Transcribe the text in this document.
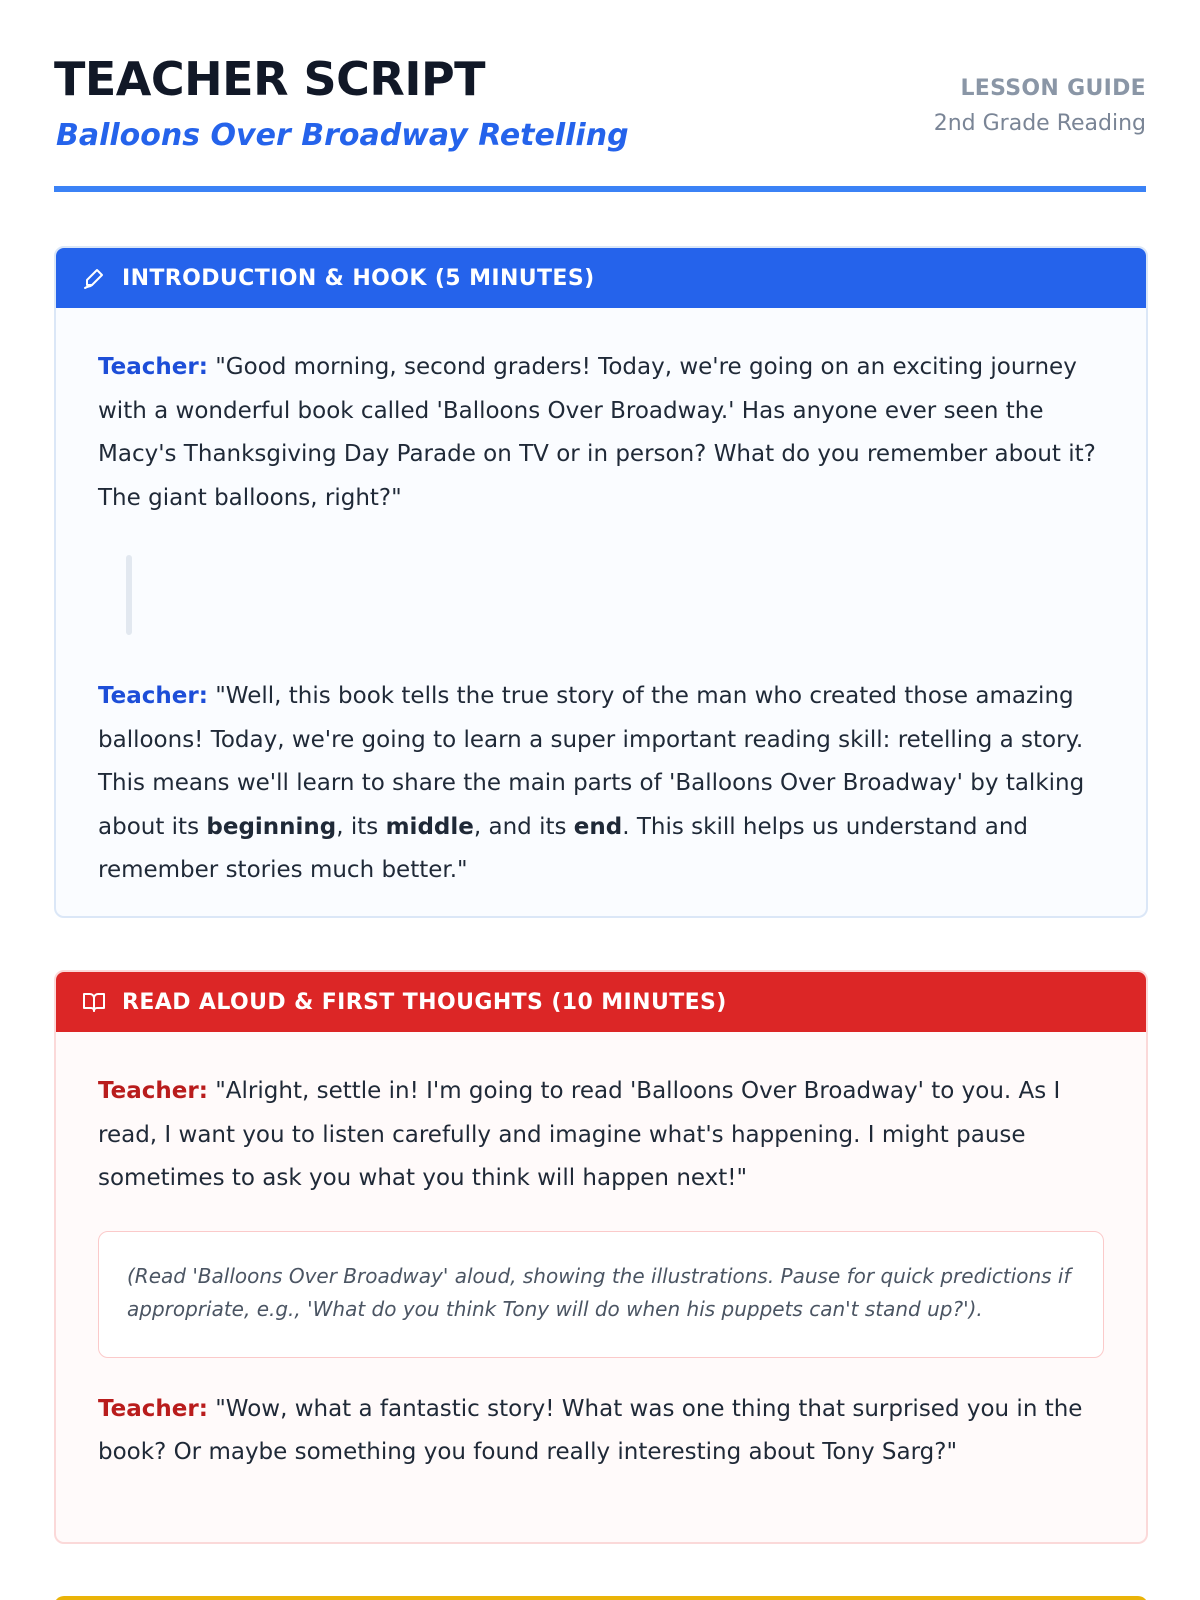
TEACHER SCRIPT
Balloons Over Broadway Retelling
LESSON GUIDE
2nd Grade Reading
INTRODUCTION & HOOK (5 MINUTES)

Teacher: "Good morning, second graders! Today, we're going on an exciting journey with a wonderful book called 'Balloons Over Broadway.' Has anyone ever seen the Macy's Thanksgiving Day Parade on TV or in person? What do you remember about it? The giant balloons, right?"

Teacher: "Well, this book tells the true story of the man who created those amazing balloons! Today, we're going to learn a super important reading skill: retelling a story. This means we'll learn to share the main parts of 'Balloons Over Broadway' by talking about its beginning, its middle, and its end. This skill helps us understand and remember stories much better."

READ ALOUD & FIRST THOUGHTS (10 MINUTES)

Teacher: "Alright, settle in! I'm going to read 'Balloons Over Broadway' to you. As I read, I want you to listen carefully and imagine what's happening. I might pause sometimes to ask you what you think will happen next!"

(Read 'Balloons Over Broadway' aloud, showing the illustrations. Pause for quick predictions if appropriate, e.g., 'What do you think Tony will do when his puppets can't stand up?').

Teacher: "Wow, what a fantastic story! What was one thing that surprised you in the book? Or maybe something you found really interesting about Tony Sarg?"
